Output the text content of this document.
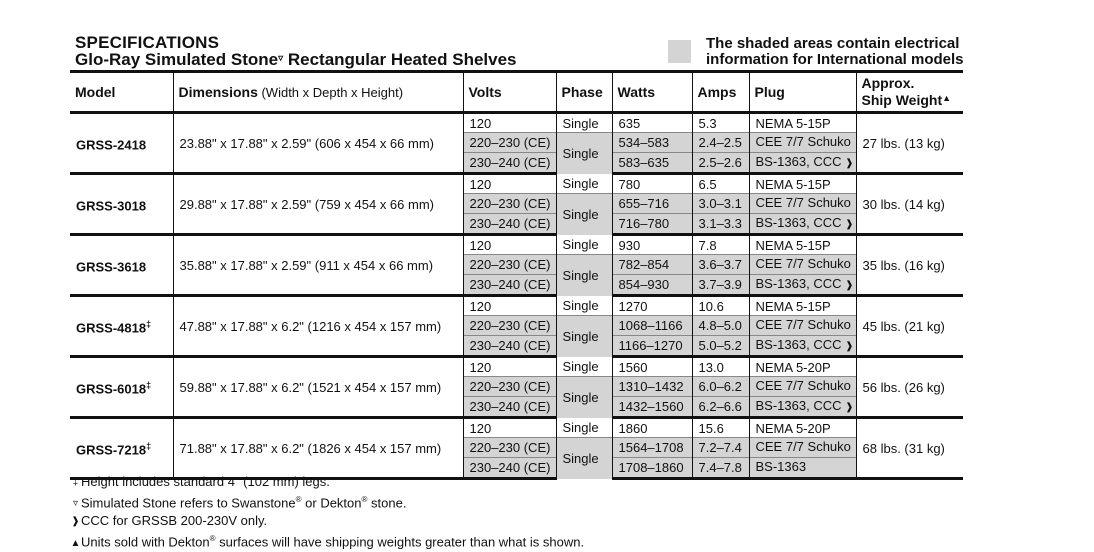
SPECIFICATIONS
Glo-Ray Simulated Stone▿ Rectangular Heated Shelves
The shaded areas contain electrical information for International models
Model	Dimensions (Width x Depth x Height)	Volts	Phase	Watts	Amps	Plug	Approx.
Ship Weight▲
GRSS-2418	23.88" x 17.88" x 2.59" (606 x 454 x 66 mm)	120	Single	635	5.3	NEMA 5-15P	27 lbs. (13 kg)
		220–230 (CE)	Single	534–583	2.4–2.5	CEE 7/7 Schuko	
		230–240 (CE)		583–635	2.5–2.6	BS-1363, CCC ❱	
GRSS-3018	29.88" x 17.88" x 2.59" (759 x 454 x 66 mm)	120	Single	780	6.5	NEMA 5-15P	30 lbs. (14 kg)
		220–230 (CE)	Single	655–716	3.0–3.1	CEE 7/7 Schuko	
		230–240 (CE)		716–780	3.1–3.3	BS-1363, CCC ❱	
GRSS-3618	35.88" x 17.88" x 2.59" (911 x 454 x 66 mm)	120	Single	930	7.8	NEMA 5-15P	35 lbs. (16 kg)
		220–230 (CE)	Single	782–854	3.6–3.7	CEE 7/7 Schuko	
		230–240 (CE)		854–930	3.7–3.9	BS-1363, CCC ❱	
GRSS-4818‡	47.88" x 17.88" x 6.2" (1216 x 454 x 157 mm)	120	Single	1270	10.6	NEMA 5-15P	45 lbs. (21 kg)
		220–230 (CE)	Single	1068–1166	4.8–5.0	CEE 7/7 Schuko	
		230–240 (CE)		1166–1270	5.0–5.2	BS-1363, CCC ❱	
GRSS-6018‡	59.88" x 17.88" x 6.2" (1521 x 454 x 157 mm)	120	Single	1560	13.0	NEMA 5-20P	56 lbs. (26 kg)
		220–230 (CE)	Single	1310–1432	6.0–6.2	CEE 7/7 Schuko	
		230–240 (CE)		1432–1560	6.2–6.6	BS-1363, CCC ❱	
GRSS-7218‡	71.88" x 17.88" x 6.2" (1826 x 454 x 157 mm)	120	Single	1860	15.6	NEMA 5-20P	68 lbs. (31 kg)
		220–230 (CE)	Single	1564–1708	7.2–7.4	CEE 7/7 Schuko	
		230–240 (CE)		1708–1860	7.4–7.8	BS-1363	
‡ Height includes standard 4" (102 mm) legs.
▿ Simulated Stone refers to Swanstone® or Dekton® stone.
❱CCC for GRSSB 200-230V only.
▲Units sold with Dekton® surfaces will have shipping weights greater than what is shown.
